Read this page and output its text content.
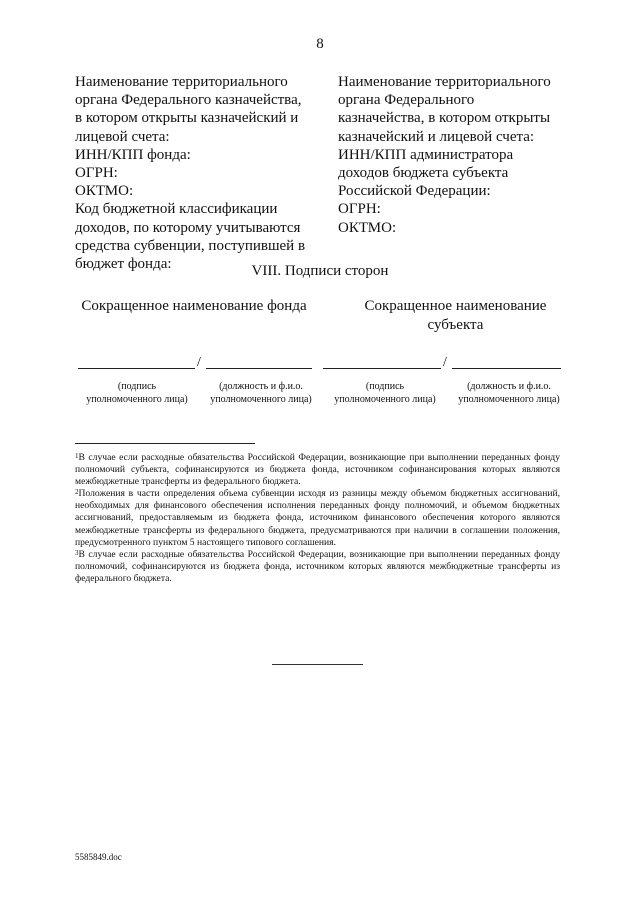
8
Наименование территориального
органа Федерального казначейства,
в котором открыты казначейский и
лицевой счета:
ИНН/КПП фонда:
ОГРН:
ОКТМО:
Код бюджетной классификации
доходов, по которому учитываются
средства субвенции, поступившей в
бюджет фонда:
Наименование территориального
органа Федерального
казначейства, в котором открыты
казначейский и лицевой счета:
ИНН/КПП администратора
доходов бюджета субъекта
Российской Федерации:
ОГРН:
ОКТМО:
VIII. Подписи сторон
Сокращенное наименование фонда	Сокращенное наименование субъекта
/	/
(подпись
уполномоченного лица)
(должность и ф.и.о.
уполномоченного лица)
(подпись
уполномоченного лица)
(должность и ф.и.о.
уполномоченного лица)

$^1$В случае если расходные обязательства Российской Федерации, возникающие при выполнении переданных фонду полномочий субъекта, софинансируются из бюджета фонда, источником софинансирования которых являются межбюджетные трансферты из федерального бюджета.

$^2$Положения в части определения объема субвенции исходя из разницы между объемом бюджетных ассигнований, необходимых для финансового обеспечения исполнения переданных фонду полномочий, и объемом бюджетных ассигнований, предоставляемым из бюджета фонда, источником финансового обеспечения которого являются межбюджетные трансферты из федерального бюджета, предусматриваются при наличии в соглашении положения, предусмотренного пунктом 5 настоящего типового соглашения.

$^3$В случае если расходные обязательства Российской Федерации, возникающие при выполнении переданных фонду полномочий, софинансируются из бюджета фонда, источником которых являются межбюджетные трансферты из федерального бюджета.

5585849.doc
